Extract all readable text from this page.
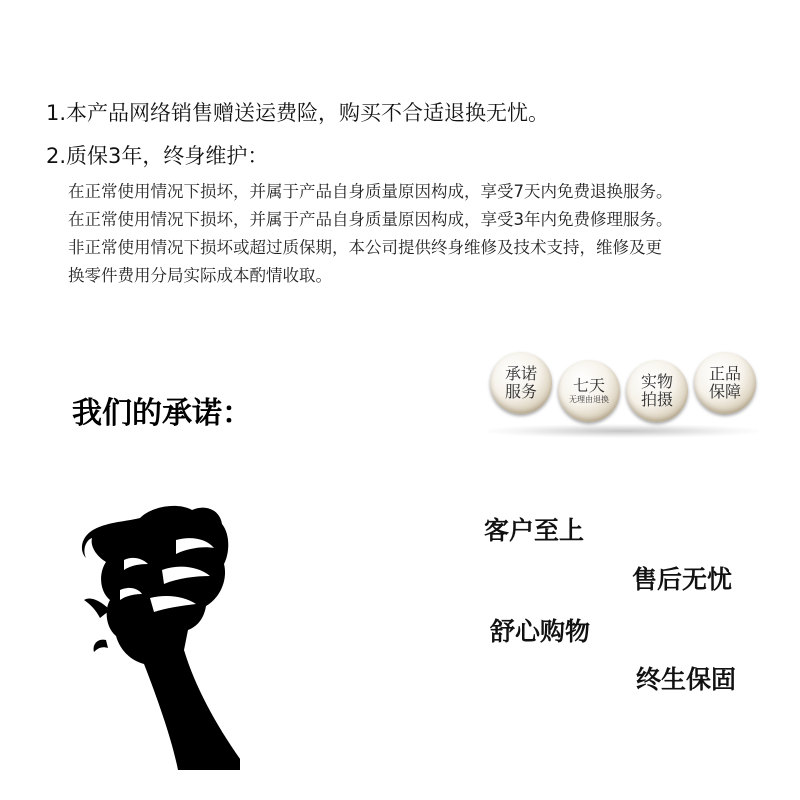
1.本产品网络销售赠送运费险，购买不合适退换无忧。
2.质保3年，终身维护：
在正常使用情况下损坏，并属于产品自身质量原因构成，享受7天内免费退换服务。
在正常使用情况下损坏，并属于产品自身质量原因构成，享受3年内免费修理服务。
非正常使用情况下损坏或超过质保期，本公司提供终身维修及技术支持，维修及更
换零件费用分局实际成本酌情收取。
我们的承诺：
承诺
服务 七天
无理由退换
实物
拍摄
正品
保障
客户至上
售后无忧
舒心购物
终生保固
